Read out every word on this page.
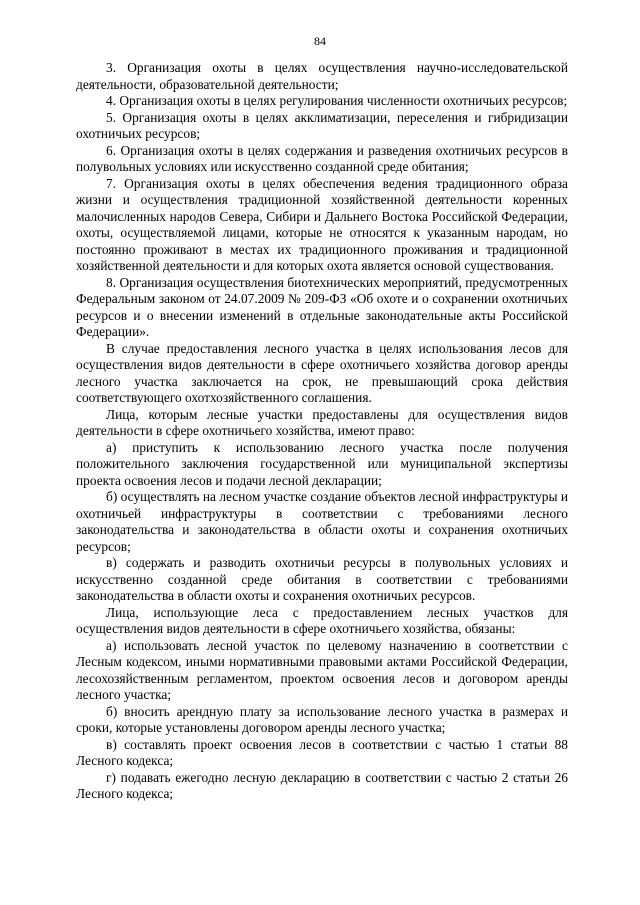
84

3. Организация охоты в целях осуществления научно-исследовательской деятельности, образовательной деятельности;

4. Организация охоты в целях регулирования численности охотничьих ресурсов;

5. Организация охоты в целях акклиматизации, переселения и гибридизации охотничьих ресурсов;

6. Организация охоты в целях содержания и разведения охотничьих ресурсов в полувольных условиях или искусственно созданной среде обитания;

7. Организация охоты в целях обеспечения ведения традиционного образа жизни и осуществления традиционной хозяйственной деятельности коренных малочисленных народов Севера, Сибири и Дальнего Востока Российской Федерации, охоты, осуществляемой лицами, которые не относятся к указанным народам, но постоянно проживают в местах их традиционного проживания и традиционной хозяйственной деятельности и для которых охота является основой существования.

8. Организация осуществления биотехнических мероприятий, предусмотренных Федеральным законом от 24.07.2009 № 209-ФЗ «Об охоте и о сохранении охотничьих ресурсов и о внесении изменений в отдельные законодательные акты Российской Федерации».

В случае предоставления лесного участка в целях использования лесов для осуществления видов деятельности в сфере охотничьего хозяйства договор аренды лесного участка заключается на срок, не превышающий срока действия соответствующего охотхозяйственного соглашения.

Лица, которым лесные участки предоставлены для осуществления видов деятельности в сфере охотничьего хозяйства, имеют право:

а) приступить к использованию лесного участка после получения положительного заключения государственной или муниципальной экспертизы проекта освоения лесов и подачи лесной декларации;

б) осуществлять на лесном участке создание объектов лесной инфраструктуры и охотничьей инфраструктуры в соответствии с требованиями лесного законодательства и законодательства в области охоты и сохранения охотничьих ресурсов;

в) содержать и разводить охотничьи ресурсы в полувольных условиях и искусственно созданной среде обитания в соответствии с требованиями законодательства в области охоты и сохранения охотничьих ресурсов.

Лица, использующие леса с предоставлением лесных участков для осуществления видов деятельности в сфере охотничьего хозяйства, обязаны:

а) использовать лесной участок по целевому назначению в соответствии с Лесным кодексом, иными нормативными правовыми актами Российской Федерации, лесохозяйственным регламентом, проектом освоения лесов и договором аренды лесного участка;

б) вносить арендную плату за использование лесного участка в размерах и сроки, которые установлены договором аренды лесного участка;

в) составлять проект освоения лесов в соответствии с частью 1 статьи 88 Лесного кодекса;

г) подавать ежегодно лесную декларацию в соответствии с частью 2 статьи 26 Лесного кодекса;
